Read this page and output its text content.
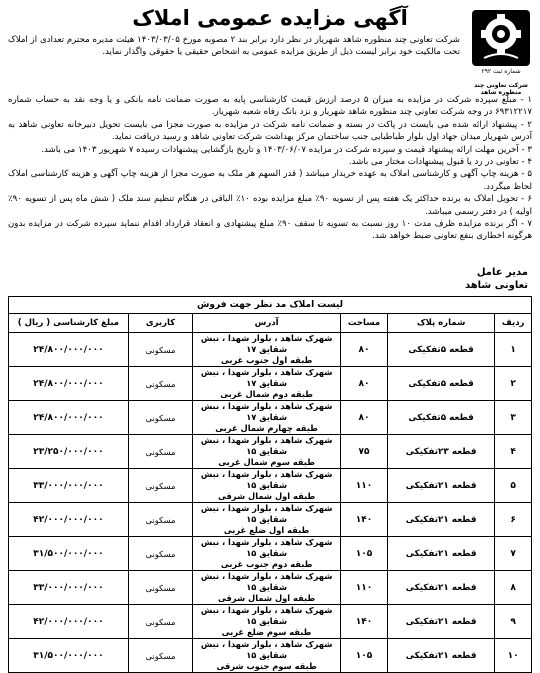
شماره ثبت ۲۹۲
آگهی مزایده عمومی املاک
شرکت تعاونی چند منظوره شاهد

شرکت تعاونی چند منظوره شاهد شهریار در نظر دارد برابر بند ۲ مصوبه مورخ ۱۴۰۳/۰۳/۰۵ هیئت مدیره محترم تعدادی از املاک تحت مالکیت خود برابر لیست ذیل از طریق مزایده عمومی به اشخاص حقیقی یا حقوقی واگذار نماید.

۱ - مبلغ سپرده شرکت در مزایده به میزان ۵ درصد ارزش قیمت کارشناسی پایه به صورت ضمانت نامه بانکی و یا وجه نقد به حساب شماره ۶۹۳۱۲۲۱۷ در وجه شرکت تعاونی چند منظوره شاهد شهریار و نزد بانک رفاه شعبه شهریار.

۲ - پیشنهاد ارائه شده می بایست در پاکت در بسته و ضمانت نامه شرکت در مزایده به صورت مجزا می بایست تحویل دبیرخانه تعاونی شاهد به آدرس شهریار میدان جهاد اول بلوار طباطبایی جنب ساختمان مرکز بهداشت شرکت تعاونی شاهد و رسید دریافت نماید.

۳ - آخرین مهلت ارائه پیشنهاد قیمت و سپرده شرکت در مزایده ۱۴۰۳/۰۶/۰۷ و تاریخ بازگشایی پیشنهادات رسیده ۷ شهریور ۱۴۰۳ می باشد.

۴ - تعاونی در رد یا قبول پیشنهادات مختار می باشد.

۵ - هزینه چاپ آگهی و کارشناسی املاک به عهده خریدار میباشد ( قدر السهم هر ملک به صورت مجزا از هزینه چاپ آگهی و هزینه کارشناسی املاک لحاظ میگردد.

۶ - تحویل املاک به برنده حداکثر یک هفته پس از تسویه ۹۰٪ مبلغ مزایده بوده ۱۰٪ الباقی در هنگام تنظیم سند ملک ( شش ماه پس از تسویه ۹۰٪ اولیه ) در دفتر رسمی میباشد.

۷ - اگر برنده مزایده ظرف مدت ۱۰ روز نسبت به تسویه تا سقف ۹۰٪ مبلغ پیشنهادی و انعقاد قرارداد اقدام ننماید سپرده شرکت در مزایده بدون هرگونه اخطاری بنفع تعاونی ضبط خواهد شد.

مدیر عامل
تعاونی شاهد
لیست املاک مد نظر جهت فروش					
ردیف	شماره پلاک	مساحت	آدرس	کاربری	مبلغ کارشناسی ( ریال )
۱	قطعه ۵تفکیکی	۸۰	شهرک شاهد ، بلوار شهدا ، نبش شقایق ۱۷
طبقه اول جنوب غربی	مسکونی	۲۴/۸۰۰/۰۰۰/۰۰۰
۲	قطعه ۵تفکیکی	۸۰	شهرک شاهد ، بلوار شهدا ، نبش شقایق ۱۷
طبقه دوم شمال غربی	مسکونی	۲۴/۸۰۰/۰۰۰/۰۰۰
۳	قطعه ۵تفکیکی	۸۰	شهرک شاهد ، بلوار شهدا ، نبش شقایق ۱۷
طبقه چهارم شمال غربی	مسکونی	۲۴/۸۰۰/۰۰۰/۰۰۰
۴	قطعه ۲۳تفکیکی	۷۵	شهرک شاهد ، بلوار شهدا ، نبش شقایق ۱۵
طبقه سوم شمال غربی	مسکونی	۲۳/۲۵۰/۰۰۰/۰۰۰
۵	قطعه ۲۱تفکیکی	۱۱۰	شهرک شاهد ، بلوار شهدا ، نبش شقایق ۱۵
طبقه اول شمال شرقی	مسکونی	۳۳/۰۰۰/۰۰۰/۰۰۰
۶	قطعه ۲۱تفکیکی	۱۴۰	شهرک شاهد ، بلوار شهدا ، نبش شقایق ۱۵
طبقه اول ضلع غربی	مسکونی	۴۲/۰۰۰/۰۰۰/۰۰۰
۷	قطعه ۲۱تفکیکی	۱۰۵	شهرک شاهد ، بلوار شهدا ، نبش شقایق ۱۵
طبقه دوم جنوب غربی	مسکونی	۳۱/۵۰۰/۰۰۰/۰۰۰
۸	قطعه ۲۱تفکیکی	۱۱۰	شهرک شاهد ، بلوار شهدا ، نبش شقایق ۱۵
طبقه اول شمال شرقی	مسکونی	۳۳/۰۰۰/۰۰۰/۰۰۰
۹	قطعه ۲۱تفکیکی	۱۴۰	شهرک شاهد ، بلوار شهدا ، نبش شقایق ۱۵
طبقه سوم ضلع غربی	مسکونی	۴۲/۰۰۰/۰۰۰/۰۰۰
۱۰	قطعه ۲۱تفکیکی	۱۰۵	شهرک شاهد ، بلوار شهدا ، نبش شقایق ۱۵
طبقه سوم جنوب شرقی	مسکونی	۳۱/۵۰۰/۰۰۰/۰۰۰
